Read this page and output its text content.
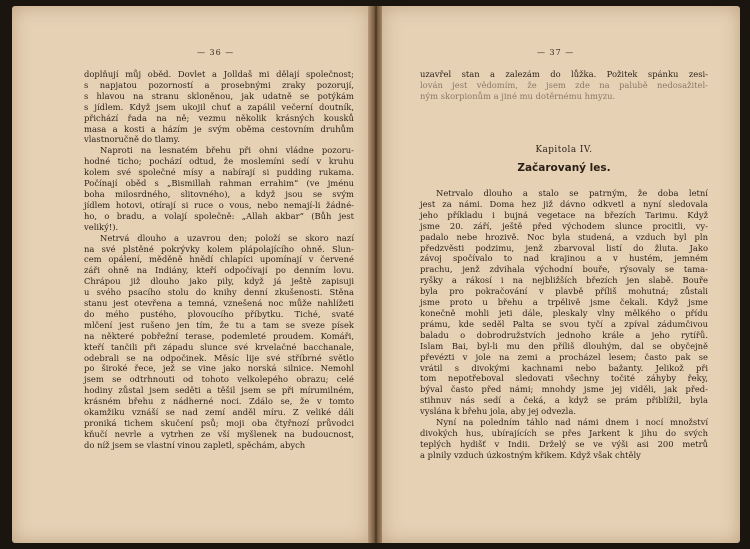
— 36 —
doplňují můj oběd. Dovlet a Jolldaš mi dělají společnost;
s napjatou pozorností a prosebnými zraky pozorují,
s hlavou na stranu skloněnou, jak udatně se potýkám
s jídlem. Když jsem ukojil chuť a zapálil večerní doutník,
přichází řada na ně; vezmu několik krásných kousků
masa a kosti a házím je svým oběma cestovním druhům
vlastnoručně do tlamy.
Naproti na lesnatém břehu při ohni vládne pozoru-
hodné ticho; pochází odtud, že moslemíni sedí v kruhu
kolem své společné mísy a nabírají si pudding rukama.
Počínají oběd s „Bismillah rahman errahim“ (ve jménu
boha milosrdného, slitovného), a když jsou se svým
jídlem hotovi, otírají si ruce o vous, nebo nemají-li žádné-
ho, o bradu, a volají společně: „Allah akbar“ (Bůh jest
veliký!).
Netrvá dlouho a uzavrou den; položí se skoro nazí
na své plstěné pokrývky kolem plápolajícího ohně. Slun-
cem opálení, měděně hnědí chlapíci upomínají v červené
záři ohně na Indiány, kteří odpočívají po denním lovu.
Chrápou již dlouho jako pily, když já ještě zapisuji
u svého psacího stolu do knihy denní zkušenosti. Stěna
stanu jest otevřena a temná, vznešená noc může nahlížeti
do mého pustého, plovoucího příbytku. Tiché, svaté
mlčení jest rušeno jen tím, že tu a tam se sveze písek
na některé pobřežní terase, podemleté proudem. Komáři,
kteří tančili při západu slunce své krvelačné bacchanale,
odebrali se na odpočinek. Měsíc lije své stříbrné světlo
po široké řece, jež se vine jako norská silnice. Nemohl
jsem se odtrhnouti od tohoto velkolepého obrazu; celé
hodiny zůstal jsem seděti a těšil jsem se při mírumilném,
krásném břehu z nádherné noci. Zdálo se, že v tomto
okamžiku vznáší se nad zemí anděl míru. Z veliké dáli
proniká tichem skučení psů; moji oba čtyřnozí průvodci
kňučí nevrle a vytrhen ze vší myšlenek na budoucnost,
do níž jsem se vlastní vinou zapletl, spěchám, abych
— 37 —
uzavřel stan a zalezám do lůžka. Požitek spánku zesi-
lován jest vědomím, že jsem zde na palubě nedosažitel-
ným skorpionům a jiné mu dotěrnému hmyzu.
Kapitola IV.
Začarovaný les.
Netrvalo dlouho a stalo se patrným, že doba letní
jest za námi. Doma hez již dávno odkvetl a nyní sledovala
jeho příkladu i bujná vegetace na březích Tarimu. Když
jsme 20. září, ještě před východem slunce procitli, vy-
padalo nebe hrozivě. Noc byla studená, a vzduch byl pln
předzvěsti podzimu, jenž zbarvoval listí do žluta. Jako
závoj spočívalo to nad krajinou a v hustém, jemném
prachu, jenž zdvihala východní bouře, rýsovaly se tama-
ryšky a rákosí i na nejbližších březích jen slabě. Bouře
byla pro pokračování v plavbě příliš mohutná; zůstali
jsme proto u břehu a trpělivě jsme čekali. Když jsme
konečně mohli jeti dále, pleskaly vlny mělkého o přídu
prámu, kde seděl Palta se svou tyčí a zpíval zádumčivou
baladu o dobrodružstvích jednoho krále a jeho rytířů.
Islam Bai, byl-li mu den příliš dlouhým, dal se obyčejně
převézti v jole na zemi a procházel lesem; často pak se
vrátil s divokými kachnami nebo bažanty. Jelikož při
tom nepotřeboval sledovati všechny točité záhyby řeky,
býval často před námi; mnohdy jsme jej viděli, jak před-
stihnuv nás sedí a čeká, a když se prám přiblížil, byla
vyslána k břehu jola, aby jej odvezla.
Nyní na poledním táhlo nad námi dnem i nocí množství
divokých hus, ubírajících se přes Jarkent k jihu do svých
teplých hydišť v Indii. Drželý se ve výši asi 200 metrů
a plnily vzduch úzkostným křikem. Když však chtěly
